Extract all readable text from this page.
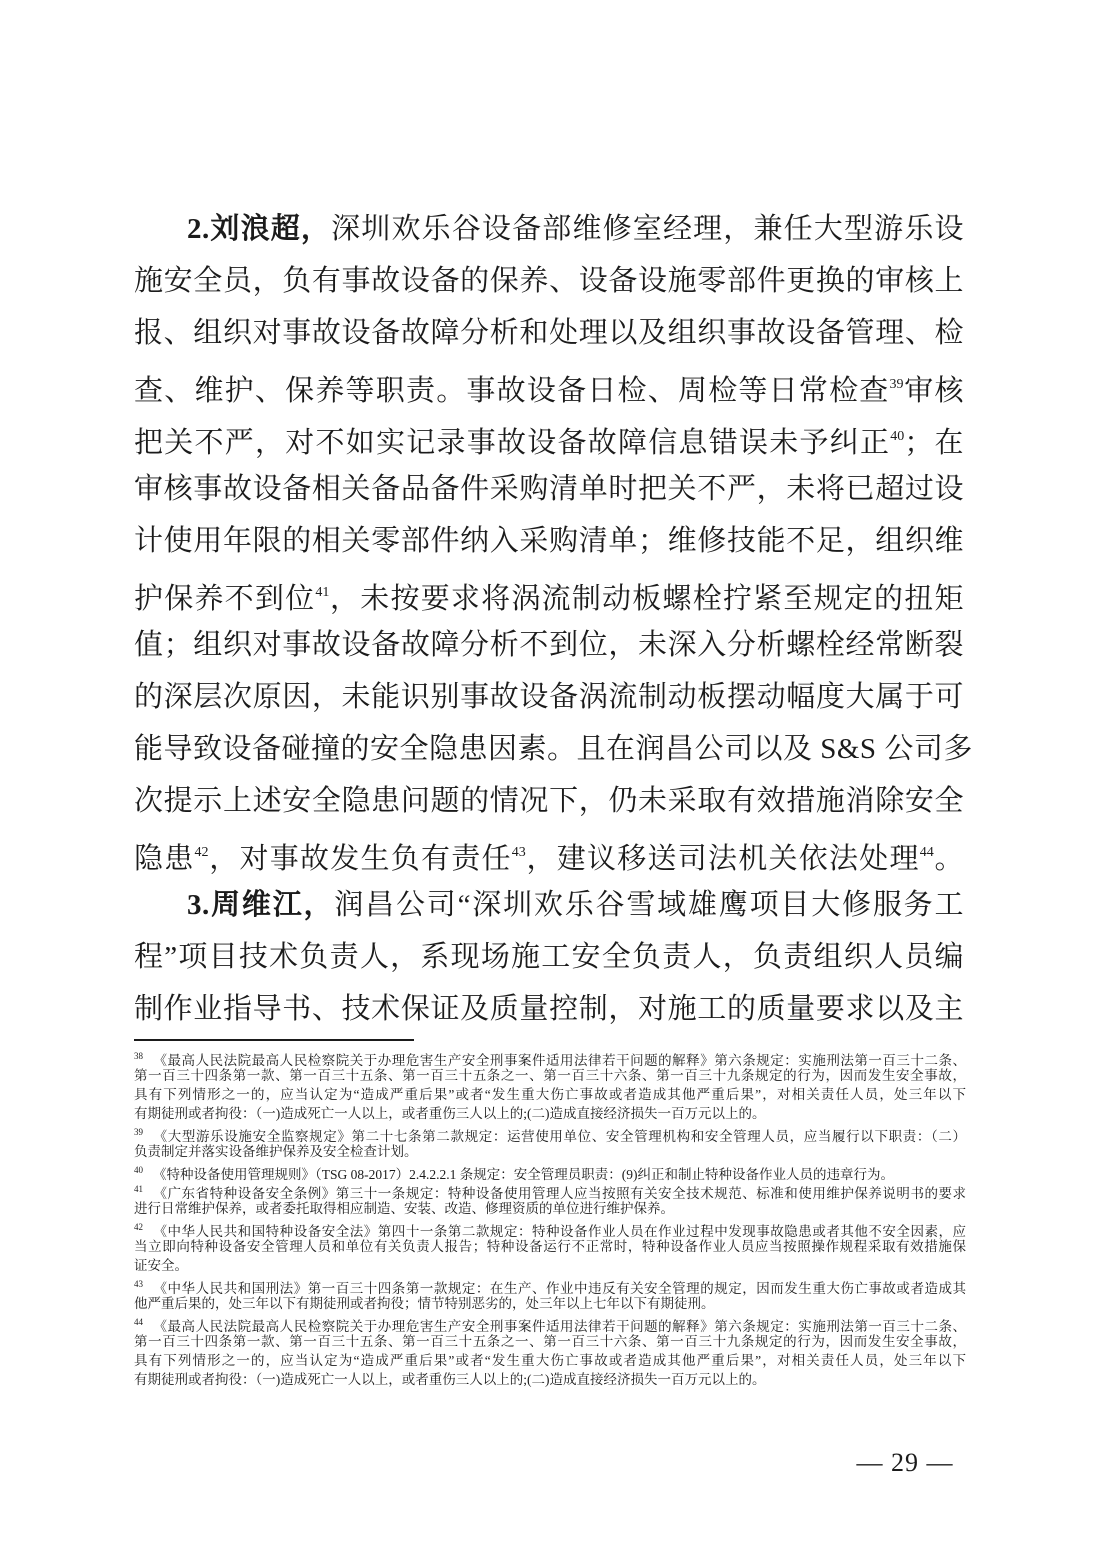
2.刘浪超，深圳欢乐谷设备部维修室经理，兼任大型游乐设
施安全员，负有事故设备的保养、设备设施零部件更换的审核上
报、组织对事故设备故障分析和处理以及组织事故设备管理、检
查、维护、保养等职责。事故设备日检、周检等日常检查$^{39}$审核
把关不严，对不如实记录事故设备故障信息错误未予纠正$^{40}$；在
审核事故设备相关备品备件采购清单时把关不严，未将已超过设
计使用年限的相关零部件纳入采购清单；维修技能不足，组织维
护保养不到位$^{41}$，未按要求将涡流制动板螺栓拧紧至规定的扭矩
值；组织对事故设备故障分析不到位，未深入分析螺栓经常断裂
的深层次原因，未能识别事故设备涡流制动板摆动幅度大属于可
能导致设备碰撞的安全隐患因素。且在润昌公司以及 S&S 公司多
次提示上述安全隐患问题的情况下，仍未采取有效措施消除安全
隐患$^{42}$，对事故发生负有责任$^{43}$，建议移送司法机关依法处理$^{44}$。
3.周维江，润昌公司“深圳欢乐谷雪域雄鹰项目大修服务工
程”项目技术负责人，系现场施工安全负责人，负责组织人员编
制作业指导书、技术保证及质量控制，对施工的质量要求以及主
$^{38}$ 《最高人民法院最高人民检察院关于办理危害生产安全刑事案件适用法律若干问题的解释》第六条规定：实施刑法第一百三十二条、
第一百三十四条第一款、第一百三十五条、第一百三十五条之一、第一百三十六条、第一百三十九条规定的行为，因而发生安全事故，
具有下列情形之一的，应当认定为“造成严重后果”或者“发生重大伤亡事故或者造成其他严重后果”，对相关责任人员，处三年以下
有期徒刑或者拘役：（一)造成死亡一人以上，或者重伤三人以上的;(二)造成直接经济损失一百万元以上的。
$^{39}$ 《大型游乐设施安全监察规定》第二十七条第二款规定：运营使用单位、安全管理机构和安全管理人员，应当履行以下职责：（二）
负责制定并落实设备维护保养及安全检查计划。
$^{40}$ 《特种设备使用管理规则》（TSG 08-2017）2.4.2.2.1 条规定：安全管理员职责：(9)纠正和制止特种设备作业人员的违章行为。
$^{41}$ 《广东省特种设备安全条例》第三十一条规定：特种设备使用管理人应当按照有关安全技术规范、标准和使用维护保养说明书的要求
进行日常维护保养，或者委托取得相应制造、安装、改造、修理资质的单位进行维护保养。
$^{42}$ 《中华人民共和国特种设备安全法》第四十一条第二款规定：特种设备作业人员在作业过程中发现事故隐患或者其他不安全因素，应
当立即向特种设备安全管理人员和单位有关负责人报告；特种设备运行不正常时，特种设备作业人员应当按照操作规程采取有效措施保
证安全。
$^{43}$ 《中华人民共和国刑法》第一百三十四条第一款规定：在生产、作业中违反有关安全管理的规定，因而发生重大伤亡事故或者造成其
他严重后果的，处三年以下有期徒刑或者拘役；情节特别恶劣的，处三年以上七年以下有期徒刑。
$^{44}$ 《最高人民法院最高人民检察院关于办理危害生产安全刑事案件适用法律若干问题的解释》第六条规定：实施刑法第一百三十二条、
第一百三十四条第一款、第一百三十五条、第一百三十五条之一、第一百三十六条、第一百三十九条规定的行为，因而发生安全事故，
具有下列情形之一的，应当认定为“造成严重后果”或者“发生重大伤亡事故或者造成其他严重后果”，对相关责任人员，处三年以下
有期徒刑或者拘役：（一)造成死亡一人以上，或者重伤三人以上的;(二)造成直接经济损失一百万元以上的。
— 29 —
